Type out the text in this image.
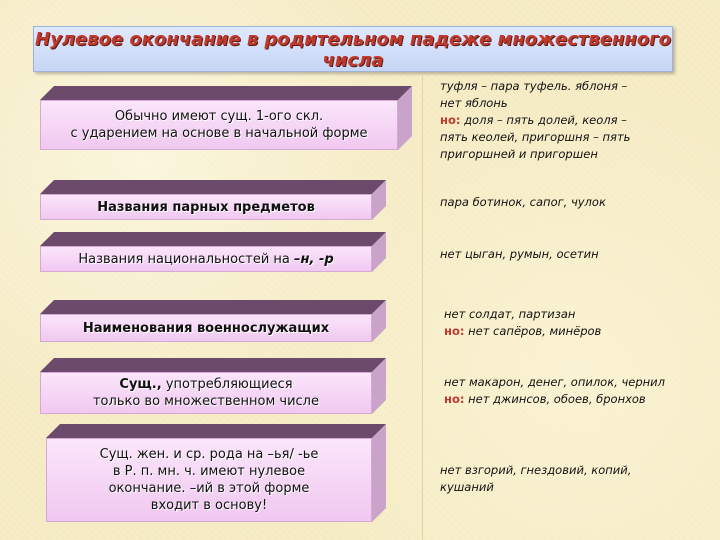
Нулевое окончание в родительном падеже множественного числа
Обычно имеют сущ. 1-ого скл.
с ударением на основе в начальной форме
Названия парных предметов
Названия национальностей на –н, -р
Наименования военнослужащих
Сущ., употребляющиеся
только во множественном числе
Сущ. жен. и ср. рода на –ья/ -ье
в Р. п. мн. ч. имеют нулевое
окончание. –ий в этой форме
входит в основу!
туфля – пара туфель. яблоня –
нет яблонь
но: доля – пять долей, кеоля –
пять кеолей, пригоршня – пять
пригоршней и пригоршен
пара ботинок, сапог, чулок
нет цыган, румын, осетин
нет солдат, партизан
но: нет сапёров, минёров
нет макарон, денег, опилок, чернил
но: нет джинсов, обоев, бронхов
нет взгорий, гнездовий, копий,
кушаний
